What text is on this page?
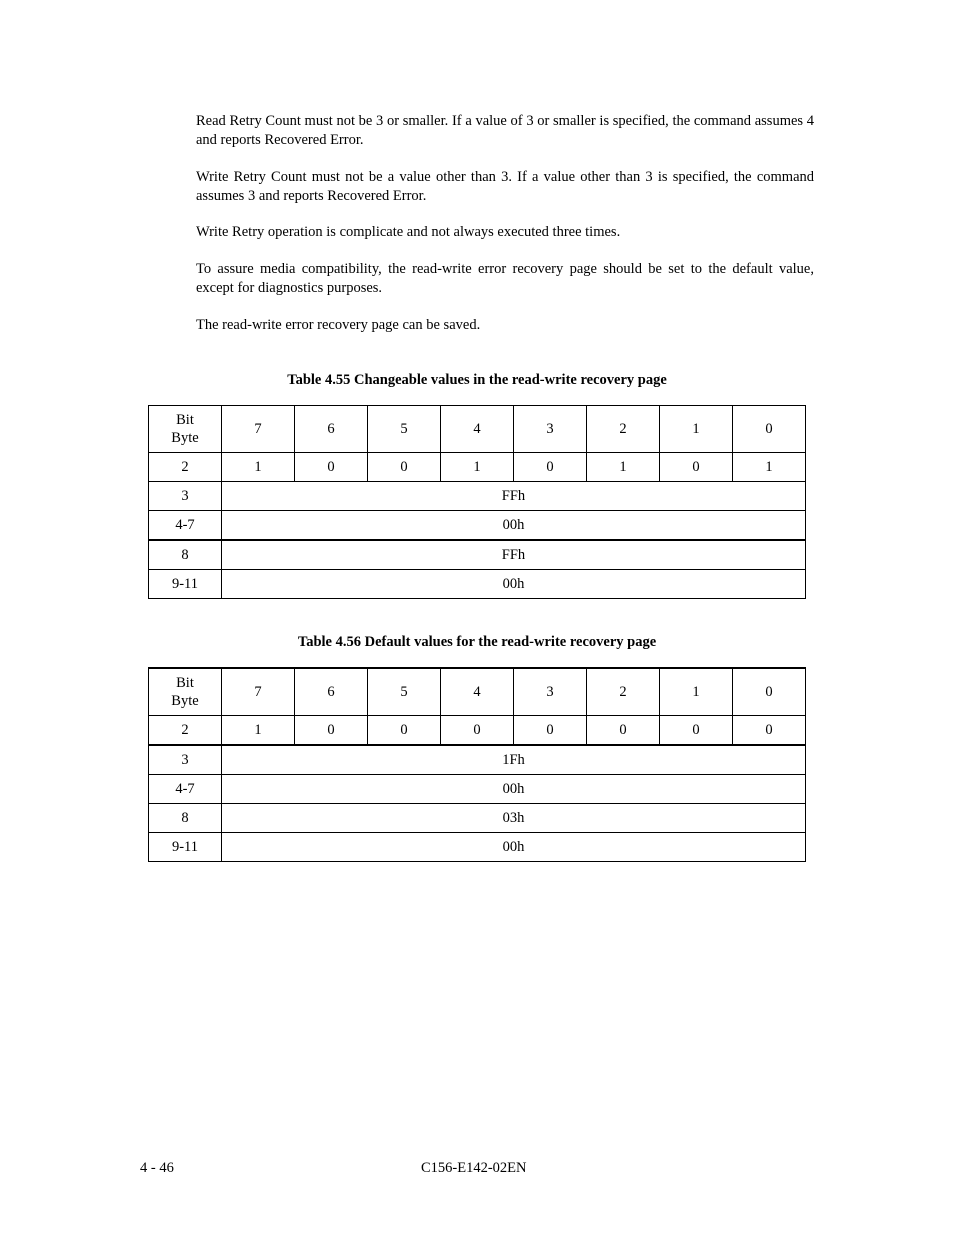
Read Retry Count must not be 3 or smaller. If a value of 3 or smaller is specified, the command assumes 4 and reports Recovered Error.

Write Retry Count must not be a value other than 3. If a value other than 3 is specified, the command assumes 3 and reports Recovered Error.

Write Retry operation is complicate and not always executed three times.

To assure media compatibility, the read-write error recovery page should be set to the default value, except for diagnostics purposes.

The read-write error recovery page can be saved.

Table 4.55 Changeable values in the read-write recovery page

Bit
Byte	7	6	5	4	3	2	1	0
2	1	0	0	1	0	1	0	1
3	FFh							
4-7	00h							
8	FFh							
9-11	00h							

Table 4.56 Default values for the read-write recovery page

Bit
Byte	7	6	5	4	3	2	1	0
2	1	0	0	0	0	0	0	0
3	1Fh							
4-7	00h							
8	03h							
9-11	00h							
4 - 46	C156-E142-02EN
